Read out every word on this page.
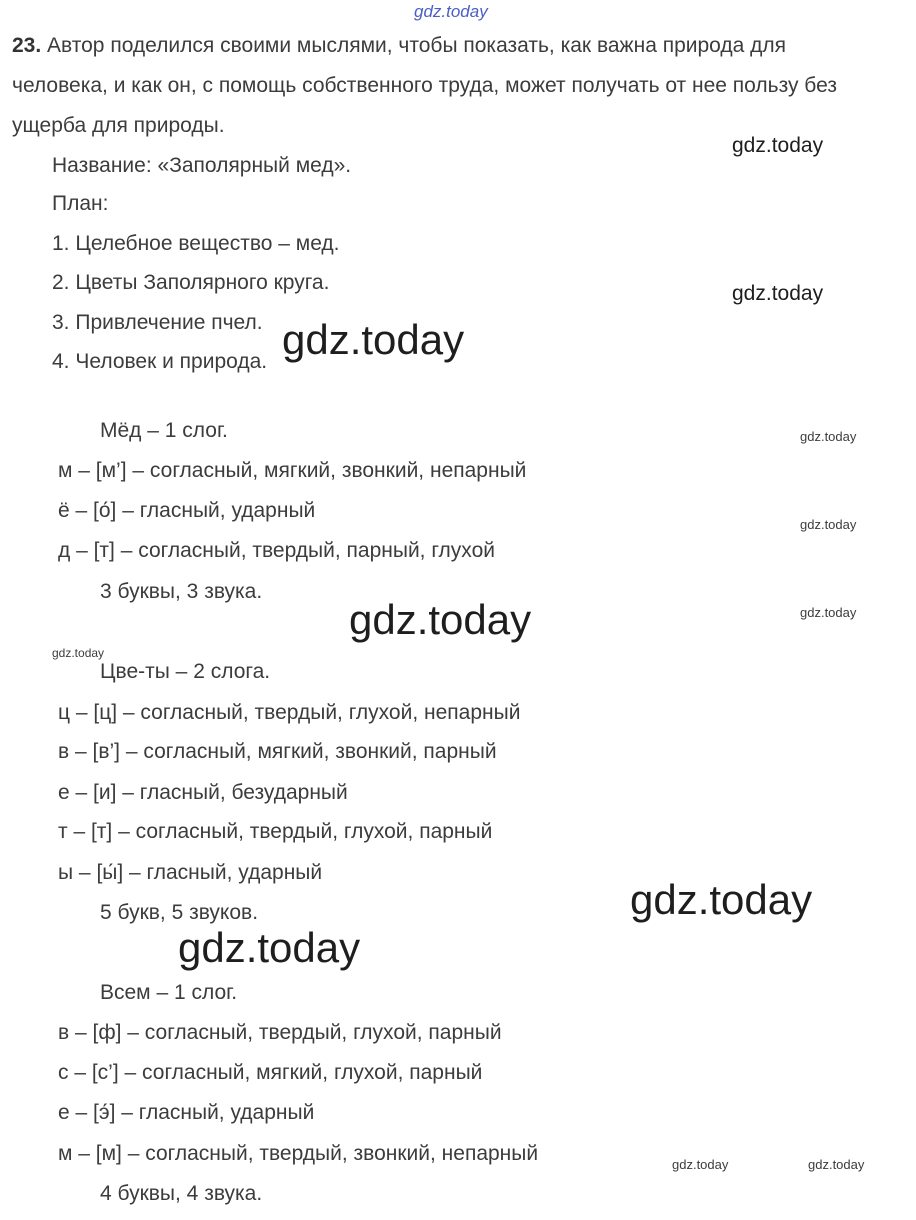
gdz.today
gdz.today
gdz.today
gdz.today
gdz.today
gdz.today
gdz.today	gdz.today
gdz.today
gdz.today
gdz.today
gdz.today	gdz.today
23. Автор поделился своими мыслями, чтобы показать, как важна природа для
человека, и как он, с помощь собственного труда, может получать от нее пользу без
ущерба для природы.
Название: «Заполярный мед».
План:
1. Целебное вещество – мед.
2. Цветы Заполярного круга.
3. Привлечение пчел.
4. Человек и природа.
Мёд – 1 слог.
м – [м’] – согласный, мягкий, звонкий, непарный
ё – [о́] – гласный, ударный
д – [т] – согласный, твердый, парный, глухой
3 буквы, 3 звука.
Цве-ты – 2 слога.
ц – [ц] – согласный, твердый, глухой, непарный
в – [в’] – согласный, мягкий, звонкий, парный
е – [и] – гласный, безударный
т – [т] – согласный, твердый, глухой, парный
ы – [ы́] – гласный, ударный
5 букв, 5 звуков.
Всем – 1 слог.
в – [ф] – согласный, твердый, глухой, парный
с – [с’] – согласный, мягкий, глухой, парный
е – [э́] – гласный, ударный
м – [м] – согласный, твердый, звонкий, непарный
4 буквы, 4 звука.
